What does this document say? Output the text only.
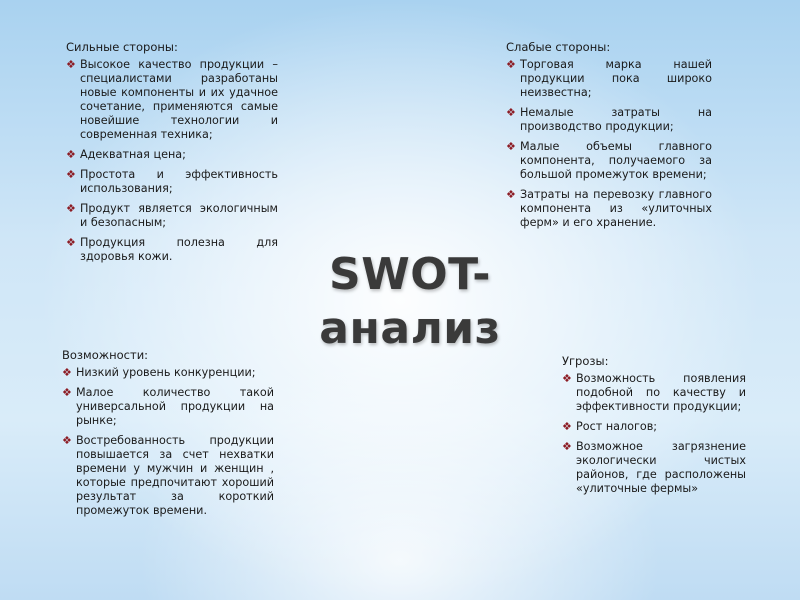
Сильные стороны:
❖ Высокое качество продукции – специалистами разработаны новые компоненты и их удачное сочетание, применяются самые новейшие технологии и современная техника;
❖ Адекватная цена;
❖ Простота и эффективность использования;
❖ Продукт является экологичным и безопасным;
❖ Продукция полезна для здоровья кожи.
Слабые стороны:
❖ Торговая марка нашей продукции пока широко неизвестна;
❖ Немалые затраты на производство продукции;
❖ Малые объемы главного компонента, получаемого за большой промежуток времени;
❖ Затраты на перевозку главного компонента из «улиточных ферм» и его хранение.
SWOT-
анализ
Возможности:
❖ Низкий уровень конкуренции;
❖ Малое количество такой универсальной продукции на рынке;
❖ Востребованность продукции повышается за счет нехватки времени у мужчин и женщин , которые предпочитают хороший результат за короткий промежуток времени.
Угрозы:
❖ Возможность появления подобной по качеству и эффективности продукции;
❖ Рост налогов;
❖ Возможное загрязнение экологически чистых районов, где расположены «улиточные фермы»
